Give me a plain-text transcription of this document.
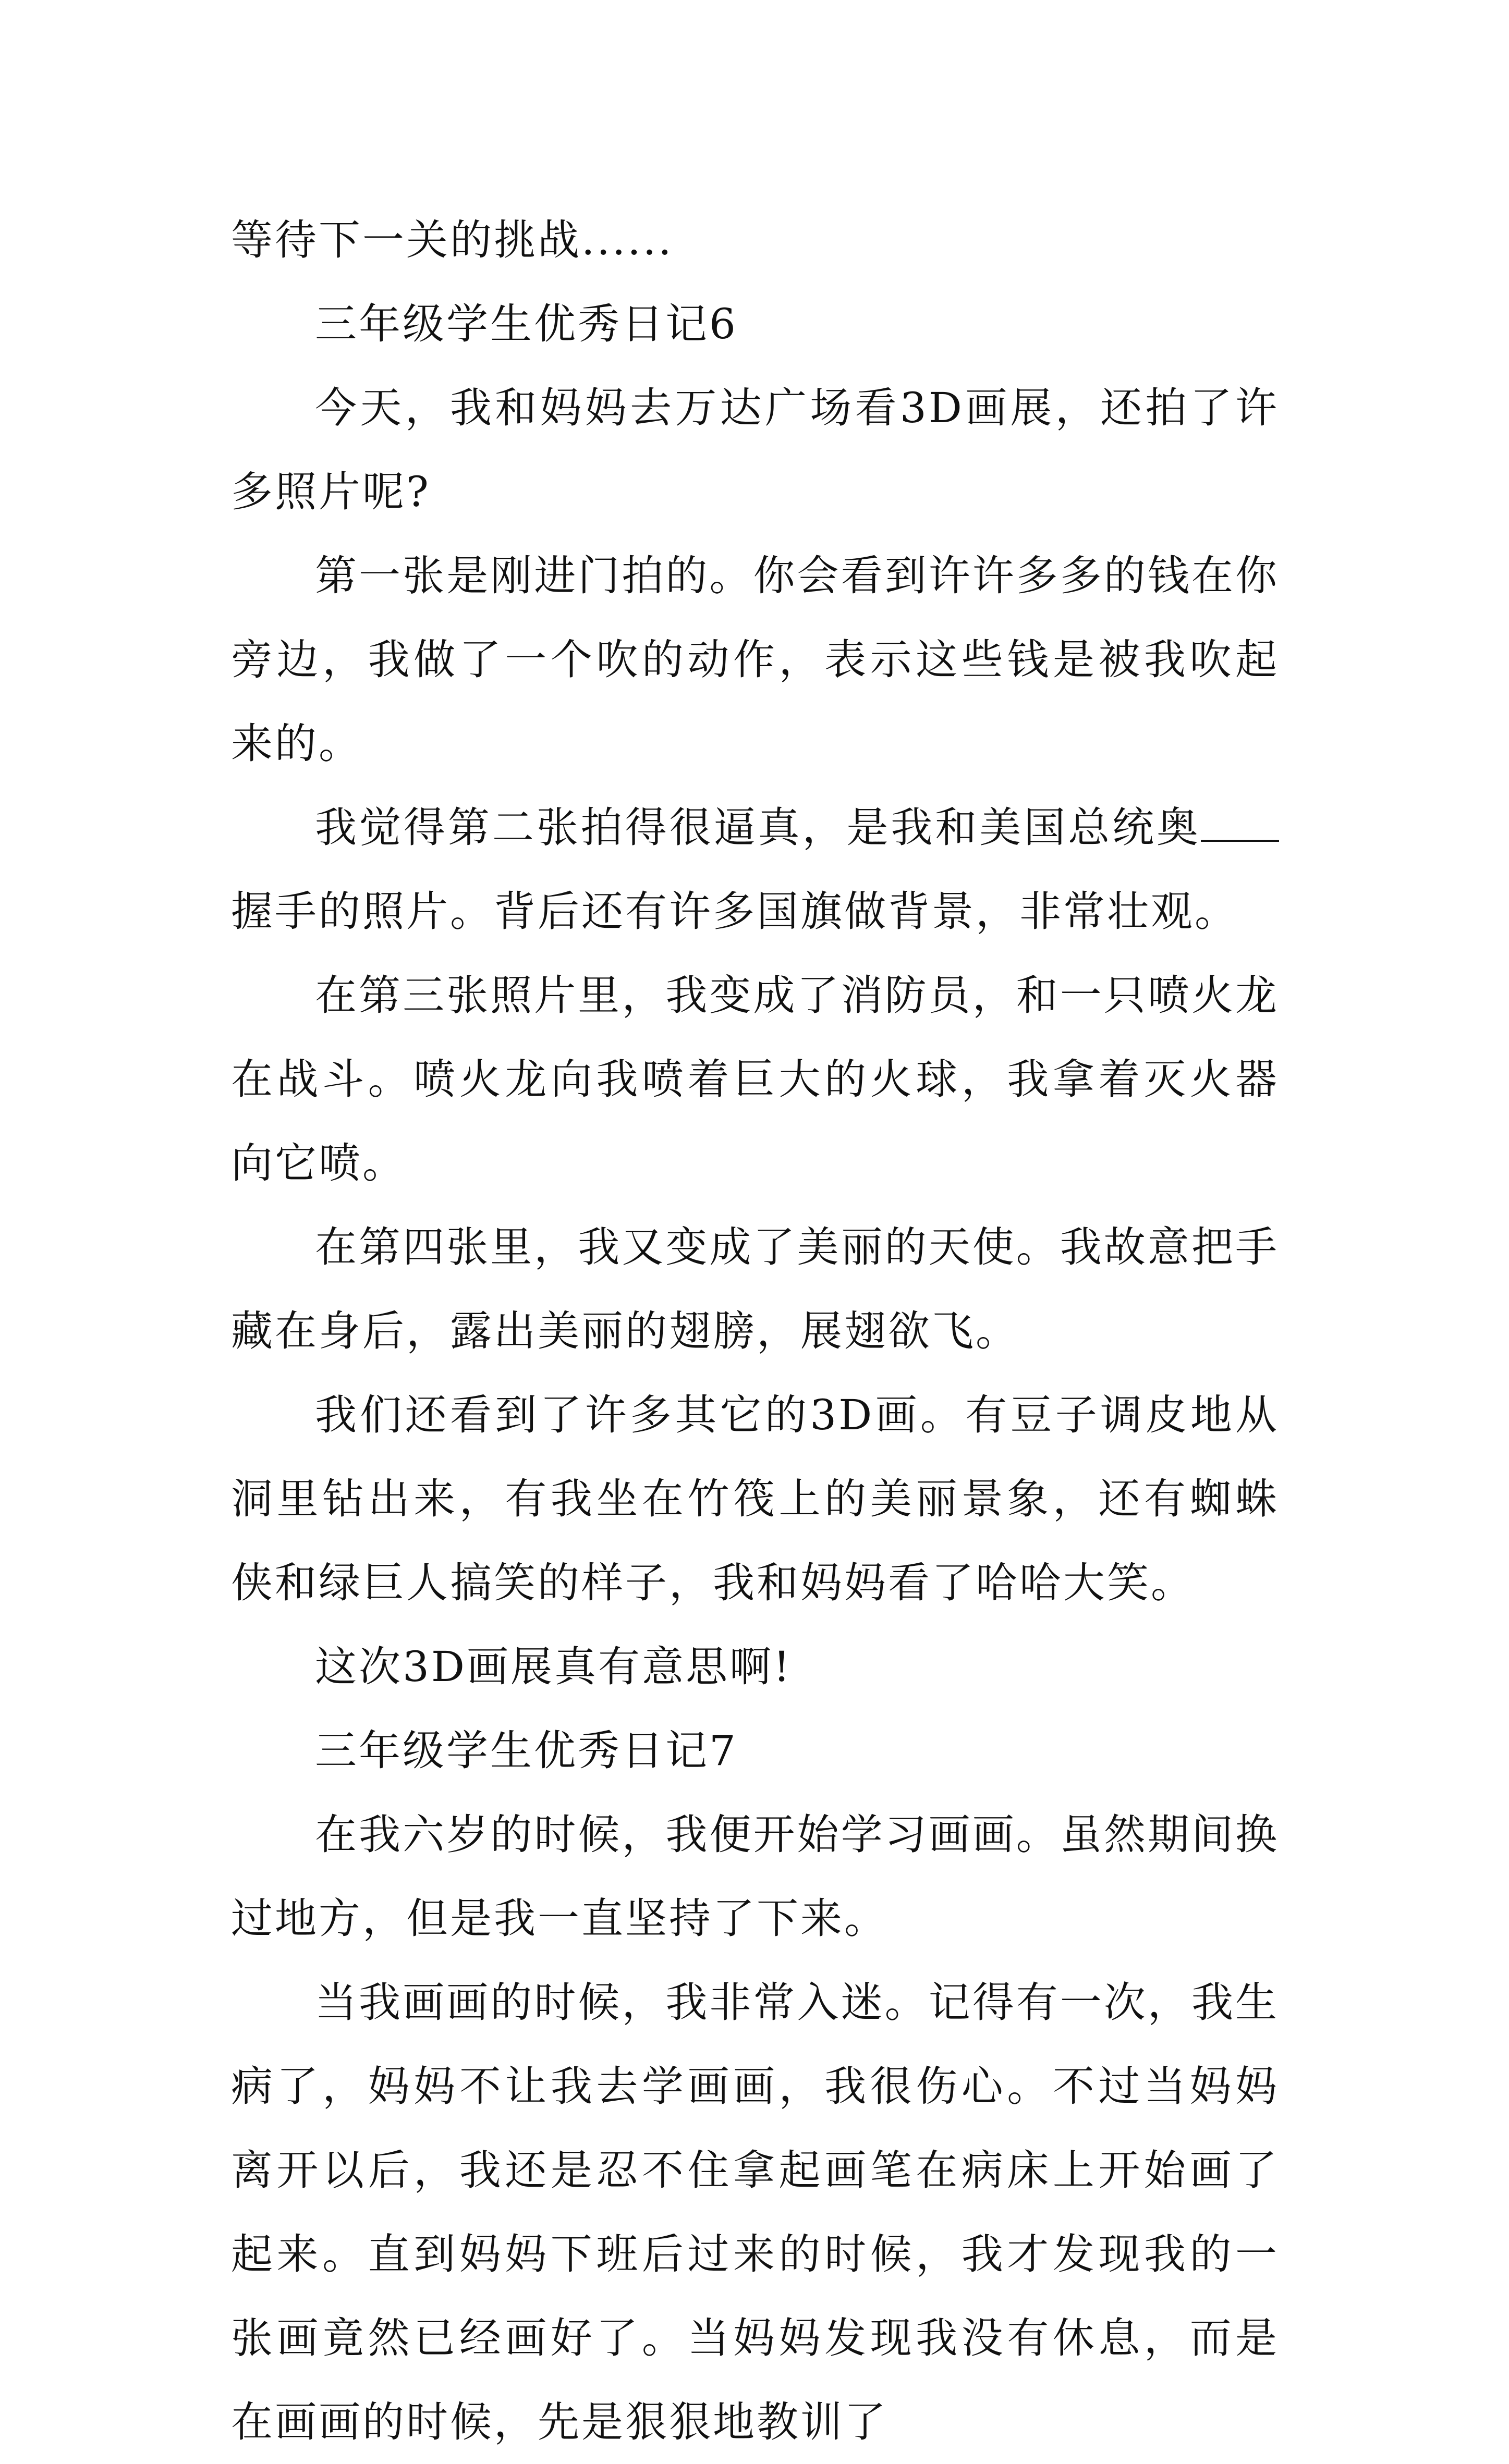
等待下一关的挑战......

三年级学生优秀日记6

今天，我和妈妈去万达广场看3D画展，还拍了许多照片呢?

第一张是刚进门拍的。你会看到许许多多的钱在你旁边，我做了一个吹的动作，表示这些钱是被我吹起来的。

我觉得第二张拍得很逼真，是我和美国总统奥握手的照片。背后还有许多国旗做背景，非常壮观。

在第三张照片里，我变成了消防员，和一只喷火龙在战斗。喷火龙向我喷着巨大的火球，我拿着灭火器向它喷。

在第四张里，我又变成了美丽的天使。我故意把手藏在身后，露出美丽的翅膀，展翅欲飞。

我们还看到了许多其它的3D画。有豆子调皮地从洞里钻出来，有我坐在竹筏上的美丽景象，还有蜘蛛侠和绿巨人搞笑的样子，我和妈妈看了哈哈大笑。

这次3D画展真有意思啊!

三年级学生优秀日记7

在我六岁的时候，我便开始学习画画。虽然期间换过地方，但是我一直坚持了下来。

当我画画的时候，我非常入迷。记得有一次，我生病了，妈妈不让我去学画画，我很伤心。不过当妈妈离开以后，我还是忍不住拿起画笔在病床上开始画了起来。直到妈妈下班后过来的时候，我才发现我的一张画竟然已经画好了。当妈妈发现我没有休息，而是在画画的时候，先是狠狠地教训了
